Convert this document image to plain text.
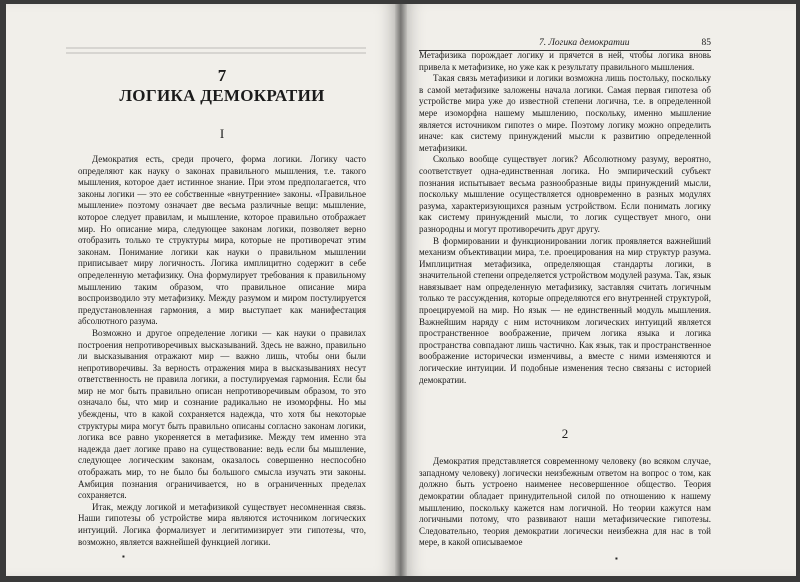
7

ЛОГИКА ДЕМОКРАТИИ

I

Демократия есть, среди прочего, форма логики. Логику часто определяют как науку о законах правильного мышления, т.е. такого мышления, которое дает истинное знание. При этом предполагается, что законы логики — это ее собственные «внутренние» законы. «Правильное мышление» поэтому означает две весьма различные вещи: мышление, которое следует правилам, и мышление, которое правильно отображает мир. Но описание мира, следующее законам логики, позволяет верно отобразить только те структуры мира, которые не противоречат этим законам. Понимание логики как науки о правильном мышлении приписывает миру логичность. Логика имплицитно содержит в себе определенную метафизику. Она формулирует требования к правильному мышлению таким образом, что правильное описание мира воспроизводило эту метафизику. Между разумом и миром постулируется предустановленная гармония, а мир выступает как манифестация абсолютного разума.

Возможно и другое определение логики — как науки о правилах построения непротиворечивых высказываний. Здесь не важно, правильно ли высказывания отражают мир — важно лишь, чтобы они были непротиворечивы. За верность отражения мира в высказываниях несут ответственность не правила логики, а постулируемая гармония. Если бы мир не мог быть правильно описан непротиворечивым образом, то это означало бы, что мир и сознание радикально не изоморфны. Но мы убеждены, что в какой сохраняется надежда, что хотя бы некоторые структуры мира могут быть правильно описаны согласно законам логики, логика все равно укореняется в метафизике. Между тем именно эта надежда дает логике право на существование: ведь если бы мышление, следующее логическим законам, оказалось совершенно неспособно отображать мир, то не было бы большого смысла изучать эти законы. Амбиция познания ограничивается, но в ограниченных пределах сохраняется.

Итак, между логикой и метафизикой существует несомненная связь. Наши гипотезы об устройстве мира являются источником логических интуиций. Логика формализует и легитимизирует эти гипотезы, что, возможно, является важнейшей функцией логики.

▪
7. Логика демократии	85

Метафизика порождает логику и прячется в ней, чтобы логика вновь привела к метафизике, но уже как к результату правильного мышления.

Такая связь метафизики и логики возможна лишь постольку, поскольку в самой метафизике заложены начала логики. Самая первая гипотеза об устройстве мира уже до известной степени логична, т.е. в определенной мере изоморфна нашему мышлению, поскольку, именно мышление является источником гипотез о мире. Поэтому логику можно определить иначе: как систему принуждений мысли к развитию определенной метафизики.

Сколько вообще существует логик? Абсолютному разуму, вероятно, соответствует одна-единственная логика. Но эмпирический субъект познания испытывает весьма разнообразные виды принуждений мысли, поскольку мышление осуществляется одновременно в разных модулях разума, характеризующихся разным устройством. Если понимать логику как систему принуждений мысли, то логик существует много, они разнородны и могут противоречить друг другу.

В формировании и функционировании логик проявляется важнейший механизм объективации мира, т.е. проецирования на мир структур разума. Имплицитная метафизика, определяющая стандарты логики, в значительной степени определяется устройством модулей разума. Так, язык навязывает нам определенную метафизику, заставляя считать логичным только те рассуждения, которые определяются его внутренней структурой, проецируемой на мир. Но язык — не единственный модуль мышления. Важнейшим наряду с ним источником логических интуиций является пространственное воображение, причем логика языка и логика пространства совпадают лишь частично. Как язык, так и пространственное воображение исторически изменчивы, а вместе с ними изменяются и логические интуиции. И подобные изменения тесно связаны с историей демократии.

2

Демократия представляется современному человеку (во всяком случае, западному человеку) логически неизбежным ответом на вопрос о том, как должно быть устроено наименее несовершенное общество. Теория демократии обладает принудительной силой по отношению к нашему мышлению, поскольку кажется нам логичной. Но теории кажутся нам логичными потому, что развивают наши метафизические гипотезы. Следовательно, теория демократии логически неизбежна для нас в той мере, в какой описываемое

▪
